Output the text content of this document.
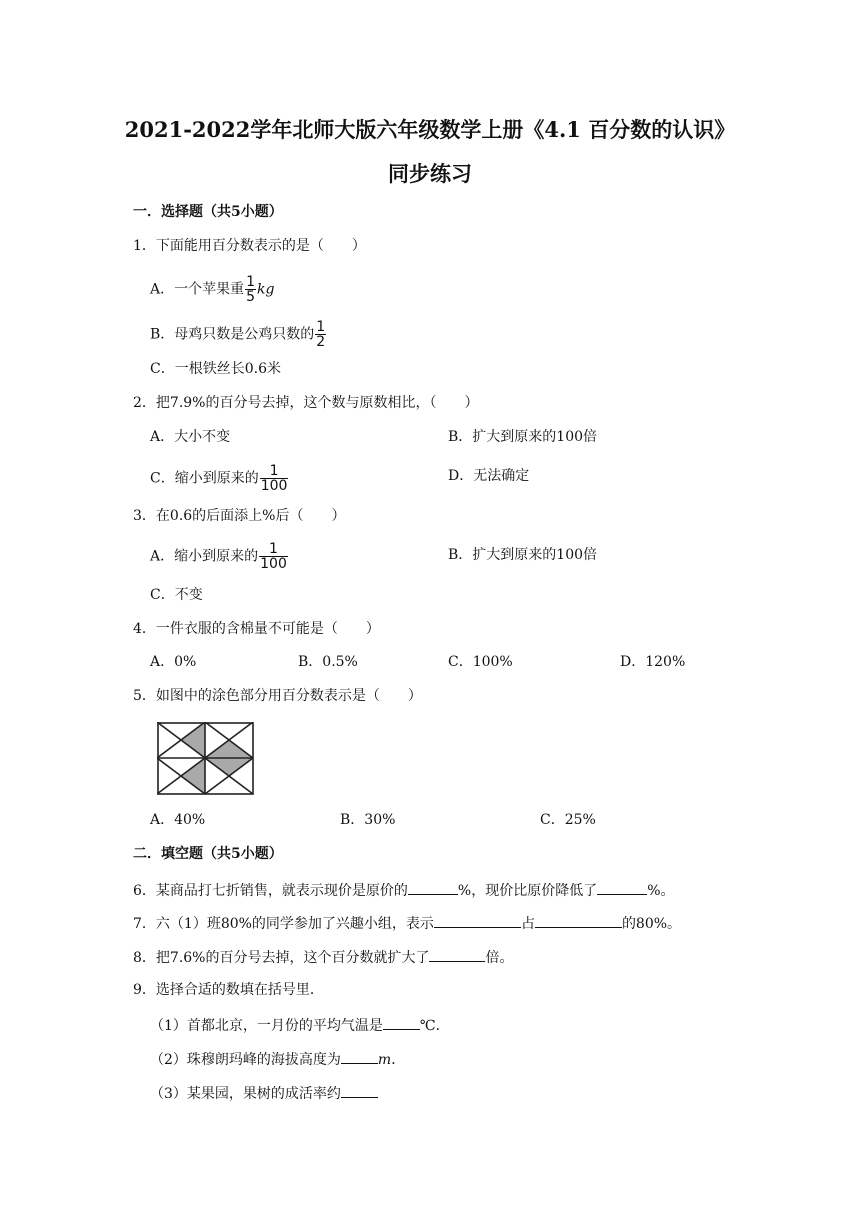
2021-2022学年北师大版六年级数学上册《4.1 百分数的认识》
同步练习
一．选择题（共5小题）
1．下面能用百分数表示的是（　　）
A．一个苹果重 $\frac{1}{5}$ kg
B．母鸡只数是公鸡只数的 $\frac{1}{2}$
C．一根铁丝长0.6米
2．把7.9%的百分号去掉，这个数与原数相比，（　　）
A．大小不变	B．扩大到原来的100倍
C．缩小到原来的 $\frac{1}{100}$	D．无法确定
3．在0.6的后面添上%后（　　）
A．缩小到原来的 $\frac{1}{100}$	B．扩大到原来的100倍
C．不变
4．一件衣服的含棉量不可能是（　　）
A．0%	B．0.5%	C．100%	D．120%
5．如图中的涂色部分用百分数表示是（　　）
A．40%	B．30%	C．25%
二．填空题（共5小题）
6．某商品打七折销售，就表示现价是原价的	%，现价比原价降低了	%。
7．六（1）班80%的同学参加了兴趣小组，表示	占	的80%。
8．把7.6%的百分号去掉，这个百分数就扩大了	倍。
9．选择合适的数填在括号里．
（1）首都北京，一月份的平均气温是	℃．
（2）珠穆朗玛峰的海拔高度为	m．
（3）某果园，果树的成活率约
